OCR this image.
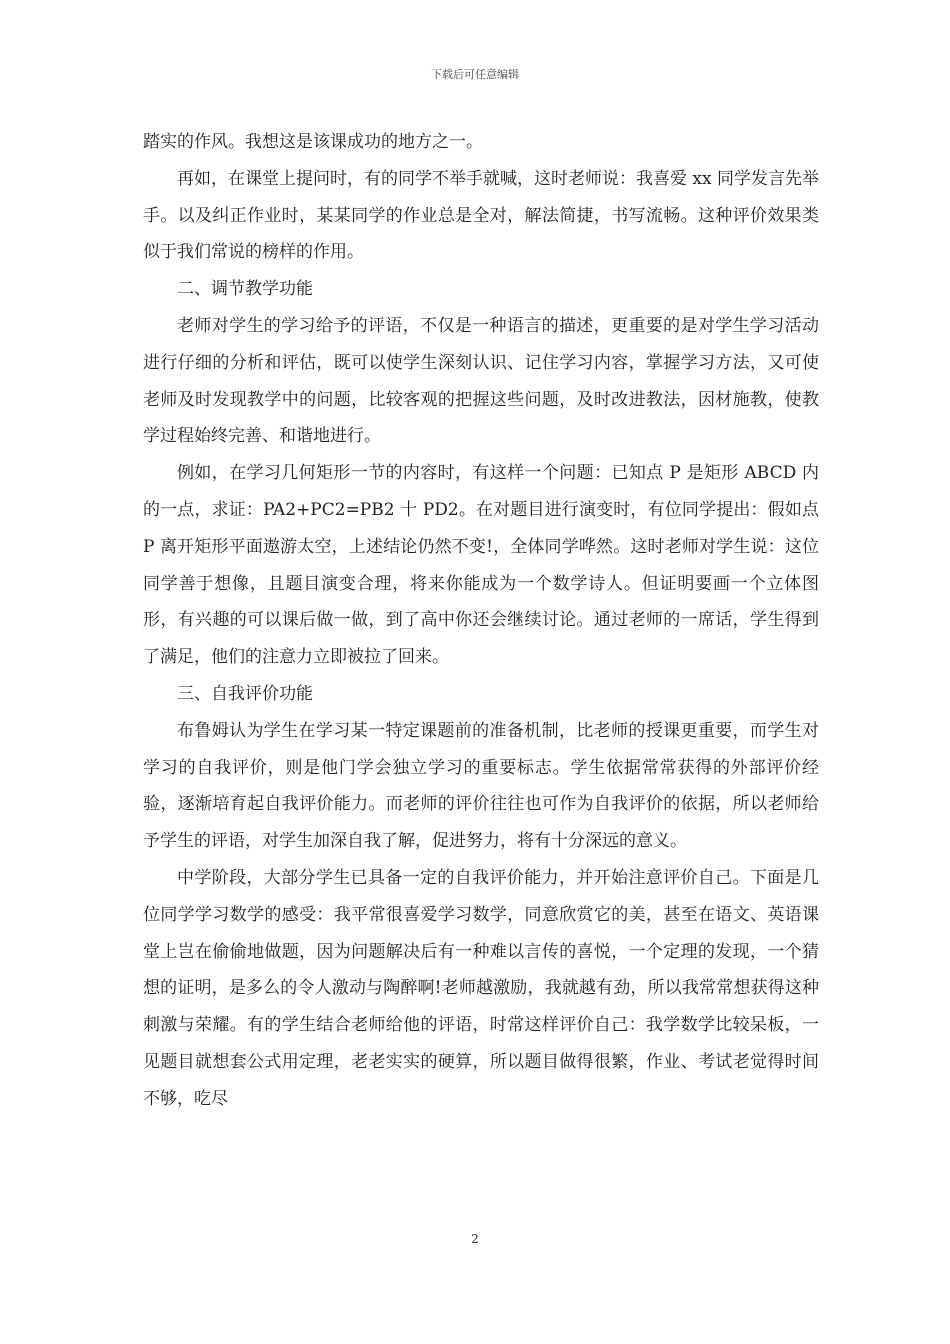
下载后可任意编辑

踏实的作风。我想这是该课成功的地方之一。

再如，在课堂上提问时，有的同学不举手就喊，这时老师说：我喜爱 xx 同学发言先举手。以及纠正作业时，某某同学的作业总是全对，解法简捷，书写流畅。这种评价效果类似于我们常说的榜样的作用。

二、调节教学功能

老师对学生的学习给予的评语，不仅是一种语言的描述，更重要的是对学生学习活动进行仔细的分析和评估，既可以使学生深刻认识、记住学习内容，掌握学习方法，又可使老师及时发现教学中的问题，比较客观的把握这些问题，及时改进教法，因材施教，使教学过程始终完善、和谐地进行。

例如，在学习几何矩形一节的内容时，有这样一个问题：已知点 P 是矩形 ABCD 内的一点，求证：PA2+PC2=PB2 十 PD2。在对题目进行演变时，有位同学提出：假如点 P 离开矩形平面遨游太空，上述结论仍然不变!，全体同学哗然。这时老师对学生说：这位同学善于想像，且题目演变合理，将来你能成为一个数学诗人。但证明要画一个立体图形，有兴趣的可以课后做一做，到了高中你还会继续讨论。通过老师的一席话，学生得到了满足，他们的注意力立即被拉了回来。

三、自我评价功能

布鲁姆认为学生在学习某一特定课题前的准备机制，比老师的授课更重要，而学生对学习的自我评价，则是他门学会独立学习的重要标志。学生依据常常获得的外部评价经验，逐渐培育起自我评价能力。而老师的评价往往也可作为自我评价的依据，所以老师给予学生的评语，对学生加深自我了解，促进努力，将有十分深远的意义。

中学阶段，大部分学生已具备一定的自我评价能力，并开始注意评价自己。下面是几位同学学习数学的感受：我平常很喜爱学习数学，同意欣赏它的美，甚至在语文、英语课堂上岂在偷偷地做题，因为问题解决后有一种难以言传的喜悦，一个定理的发现，一个猜想的证明，是多么的令人激动与陶醉啊!老师越激励，我就越有劲，所以我常常想获得这种刺激与荣耀。有的学生结合老师给他的评语，时常这样评价自己：我学数学比较呆板，一见题目就想套公式用定理，老老实实的硬算，所以题目做得很繁，作业、考试老觉得时间不够，吃尽

2
